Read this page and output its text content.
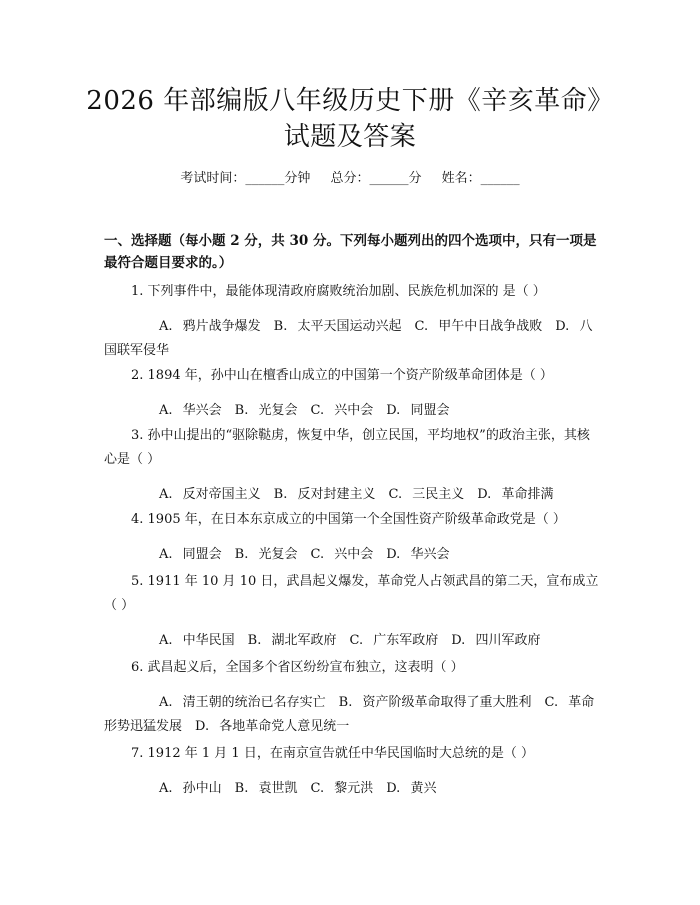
2026 年部编版八年级历史下册《辛亥革命》
试题及答案
考试时间：______分钟 总分：______分 姓名：______
一、选择题（每小题 2 分，共 30 分。下列每小题列出的四个选项中，只有一项是最符合题目要求的。）
1. 下列事件中，最能体现清政府腐败统治加剧、民族危机加深的 是（ ）
A. 鸦片战争爆发　B. 太平天国运动兴起　C. 甲午中日战争战败　D. 八国联军侵华
2. 1894 年，孙中山在檀香山成立的中国第一个资产阶级革命团体是（ ）
A. 华兴会　B. 光复会　C. 兴中会　D. 同盟会
3. 孙中山提出的“驱除鞑虏，恢复中华，创立民国，平均地权”的政治主张，其核心是（ ）
A. 反对帝国主义　B. 反对封建主义　C. 三民主义　D. 革命排满
4. 1905 年，在日本东京成立的中国第一个全国性资产阶级革命政党是（ ）
A. 同盟会　B. 光复会　C. 兴中会　D. 华兴会
5. 1911 年 10 月 10 日，武昌起义爆发，革命党人占领武昌的第二天，宣布成立（ ）
A. 中华民国　B. 湖北军政府　C. 广东军政府　D. 四川军政府
6. 武昌起义后，全国多个省区纷纷宣布独立，这表明（ ）
A. 清王朝的统治已名存实亡　B. 资产阶级革命取得了重大胜利　C. 革命形势迅猛发展　D. 各地革命党人意见统一
7. 1912 年 1 月 1 日，在南京宣告就任中华民国临时大总统的是（ ）
A. 孙中山　B. 袁世凯　C. 黎元洪　D. 黄兴
